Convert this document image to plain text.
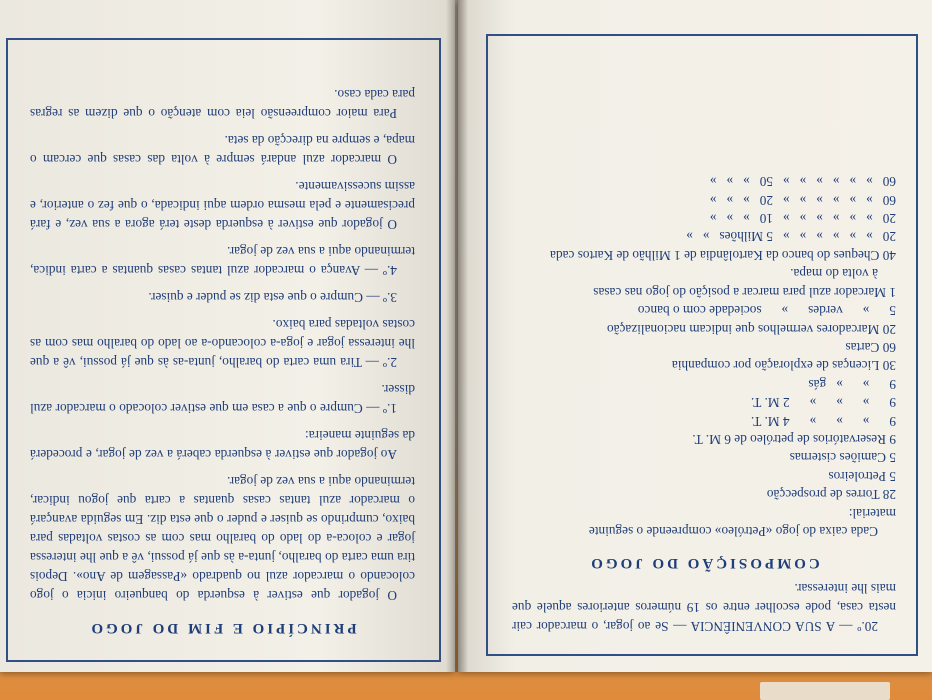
PRINCÍPIO E FIM DO JOGO

O jogador que estiver à esquerda do banqueiro inicia o jogo colocando o marcador azul no quadrado «Passagem de Ano». Depois tira uma carta do baralho, junta-a às que já possui, vê a que lhe interessa jogar e coloca-a do lado do baralho mas com as costas voltadas para baixo, cumprindo se quiser e puder o que esta diz. Em seguida avançará o marcador azul tantas casas quantas a carta que jogou indicar, terminando aqui a sua vez de jogar.

Ao jogador que estiver à esquerda caberá a vez de jogar, e procederá da seguinte maneira:

1.º — Cumpre o que a casa em que estiver colocado o marcador azul disser.

2.º — Tira uma carta do baralho, junta-as às que já possui, vê a que lhe interessa jogar e joga-a colocando-a ao lado do baralho mas com as costas voltadas para baixo.

3.º — Cumpre o que esta diz se puder e quiser.

4.º — Avança o marcador azul tantas casas quantas a carta indica, terminando aqui a sua vez de jogar.

O jogador que estiver à esquerda deste terá agora a sua vez, e fará precisamente e pela mesma ordem aqui indicada, o que fez o anterior, e assim sucessivamente.

O marcador azul andará sempre à volta das casas que cercam o mapa, e sempre na direcção da seta.

Para maior compreensão leia com atenção o que dizem as regras para cada caso.

20.º — A SUA CONVENIÊNCIA — Se ao jogar, o marcador cair nesta casa, pode escolher entre os 19 números anteriores aquele que mais lhe interessar.

COMPOSIÇÃO DO JOGO
Cada caixa do jogo «Petróleo» compreende o seguinte
material:
28 Torres de prospecção
5 Petroleiros
5 Camiões cisternas
9 Reservatórios de petróleo de 6 M. T.
9      »      »      »      4 M. T.
9      »      »      »      2 M. T.
9      »      »   gás
30 Licenças de exploração por companhia
60 Cartas
20 Marcadores vermelhos que indicam nacionalização
5      »      verdes      »      sociedade com o banco
1 Marcador azul para marcar a posição do jogo nas casas
à volta do mapa.
40 Cheques do banco da Kartolândia de 1 Milhão de Kartos cada
20   »   »   »   »   »   »   5 Milhões   »   »
20   »   »   »   »   »   »   10   »   »   »
60   »   »   »   »   »   »   20   »   »   »
60   »   »   »   »   »   »   50   »   »   »
